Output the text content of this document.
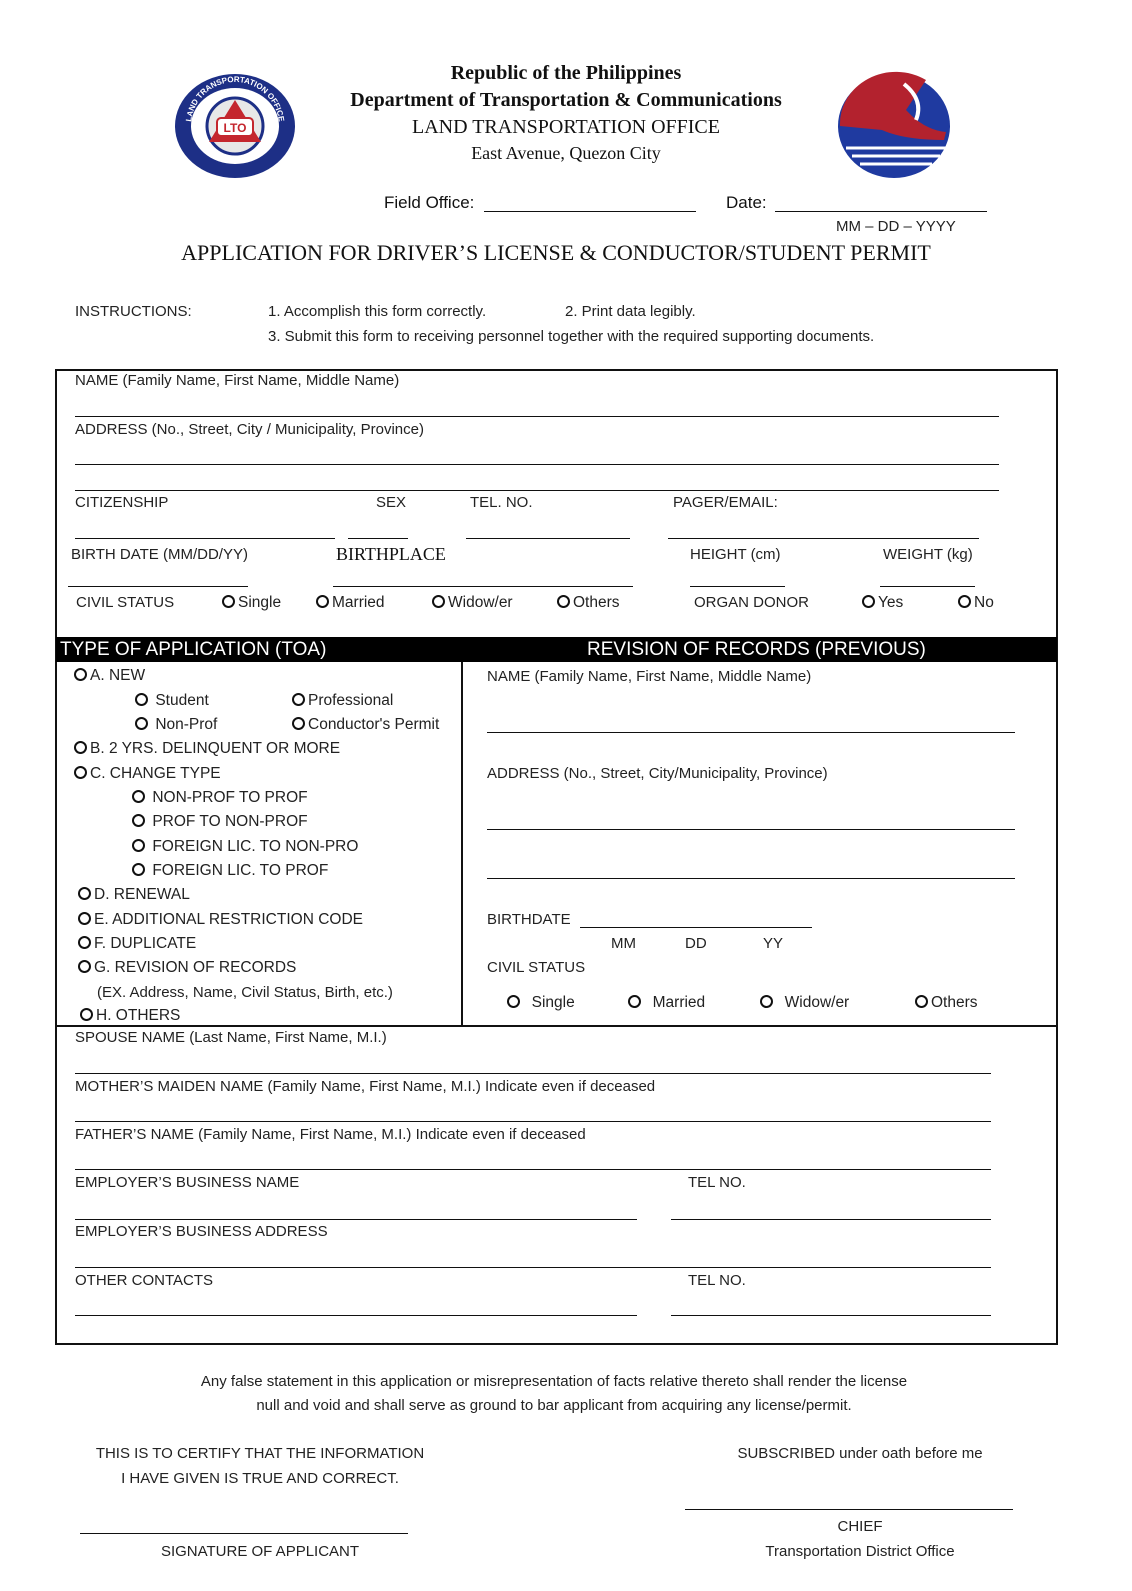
LTO
LAND TRANSPORTATION OFFICE
Republic of the Philippines
Department of Transportation & Communications
LAND TRANSPORTATION OFFICE
East Avenue, Quezon City
Field Office:	Date:
MM – DD – YYYY
APPLICATION FOR DRIVER’S LICENSE & CONDUCTOR/STUDENT PERMIT
INSTRUCTIONS:	1. Accomplish this form correctly.	2. Print data legibly.
3. Submit this form to receiving personnel together with the required supporting documents.
NAME (Family Name, First Name, Middle Name)
ADDRESS (No., Street, City / Municipality, Province)
CITIZENSHIP	SEX	TEL. NO.	PAGER/EMAIL:
BIRTH DATE (MM/DD/YY)	BIRTHPLACE	HEIGHT (cm)	WEIGHT (kg)
CIVIL STATUS	Single	Married	Widow/er	Others	ORGAN DONOR	Yes	No
TYPE OF APPLICATION (TOA)	REVISION OF RECORDS (PREVIOUS)
A. NEW
Student	Professional
Non-Prof	Conductor's Permit
B. 2 YRS. DELINQUENT OR MORE
C. CHANGE TYPE
NON-PROF TO PROF
PROF TO NON-PROF
FOREIGN LIC. TO NON-PRO
FOREIGN LIC. TO PROF
D. RENEWAL
E. ADDITIONAL RESTRICTION CODE
F. DUPLICATE
G. REVISION OF RECORDS
(EX. Address, Name, Civil Status, Birth, etc.)
H. OTHERS
NAME (Family Name, First Name, Middle Name)
ADDRESS (No., Street, City/Municipality, Province)
BIRTHDATE
MM	DD	YY
CIVIL STATUS
Single	Married	Widow/er	Others
SPOUSE NAME (Last Name, First Name, M.I.)
MOTHER’S MAIDEN NAME (Family Name, First Name, M.I.) Indicate even if deceased
FATHER’S NAME (Family Name, First Name, M.I.) Indicate even if deceased
EMPLOYER’S BUSINESS NAME	TEL NO.
EMPLOYER’S BUSINESS ADDRESS
OTHER CONTACTS	TEL NO.
Any false statement in this application or misrepresentation of facts relative thereto shall render the license
null and void and shall serve as ground to bar applicant from acquiring any license/permit.
THIS IS TO CERTIFY THAT THE INFORMATION
I HAVE GIVEN IS TRUE AND CORRECT.
SIGNATURE OF APPLICANT
SUBSCRIBED under oath before me
CHIEF
Transportation District Office
